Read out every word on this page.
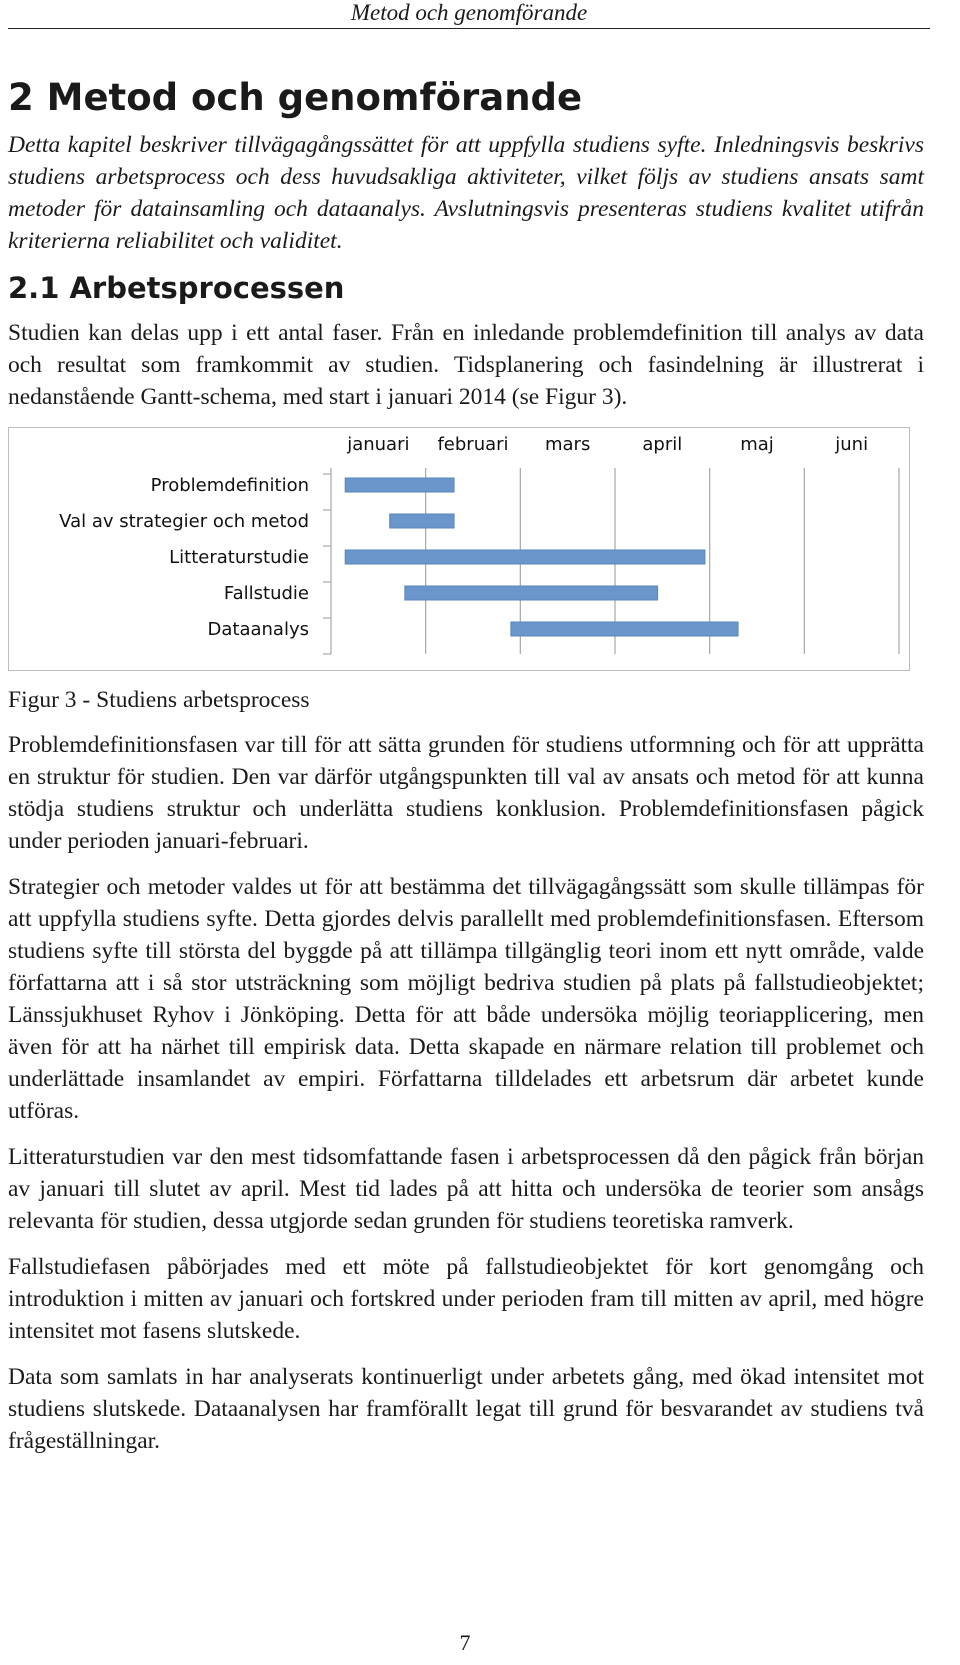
Metod och genomförande
2 Metod och genomförande

Detta kapitel beskriver tillvägagångssättet för att uppfylla studiens syfte. Inledningsvis beskrivs studiens arbetsprocess och dess huvudsakliga aktiviteter, vilket följs av studiens ansats samt metoder för datainsamling och dataanalys. Avslutningsvis presenteras studiens kvalitet utifrån kriterierna reliabilitet och validitet.

2.1 Arbetsprocessen

Studien kan delas upp i ett antal faser. Från en inledande problemdefinition till analys av data och resultat som framkommit av studien. Tidsplanering och fasindelning är illustrerat i nedanstående Gantt-schema, med start i januari 2014 (se Figur 3).

januari februari mars	april	maj	juni
Problemdefinition
Val av strategier och metod
Litteraturstudie
Fallstudie
Dataanalys
Figur 3 - Studiens arbetsprocess

Problemdefinitionsfasen var till för att sätta grunden för studiens utformning och för att upprätta en struktur för studien. Den var därför utgångspunkten till val av ansats och metod för att kunna stödja studiens struktur och underlätta studiens konklusion. Problemdefinitionsfasen pågick under perioden januari-februari.

Strategier och metoder valdes ut för att bestämma det tillvägagångssätt som skulle tillämpas för att uppfylla studiens syfte. Detta gjordes delvis parallellt med problemdefinitionsfasen. Eftersom studiens syfte till största del byggde på att tillämpa tillgänglig teori inom ett nytt område, valde författarna att i så stor utsträckning som möjligt bedriva studien på plats på fallstudieobjektet; Länssjukhuset Ryhov i Jönköping. Detta för att både undersöka möjlig teoriapplicering, men även för att ha närhet till empirisk data. Detta skapade en närmare relation till problemet och underlättade insamlandet av empiri. Författarna tilldelades ett arbetsrum där arbetet kunde utföras.

Litteraturstudien var den mest tidsomfattande fasen i arbetsprocessen då den pågick från början av januari till slutet av april. Mest tid lades på att hitta och undersöka de teorier som ansågs relevanta för studien, dessa utgjorde sedan grunden för studiens teoretiska ramverk.

Fallstudiefasen påbörjades med ett möte på fallstudieobjektet för kort genomgång och introduktion i mitten av januari och fortskred under perioden fram till mitten av april, med högre intensitet mot fasens slutskede.

Data som samlats in har analyserats kontinuerligt under arbetets gång, med ökad intensitet mot studiens slutskede. Dataanalysen har framförallt legat till grund för besvarandet av studiens två frågeställningar.

7
